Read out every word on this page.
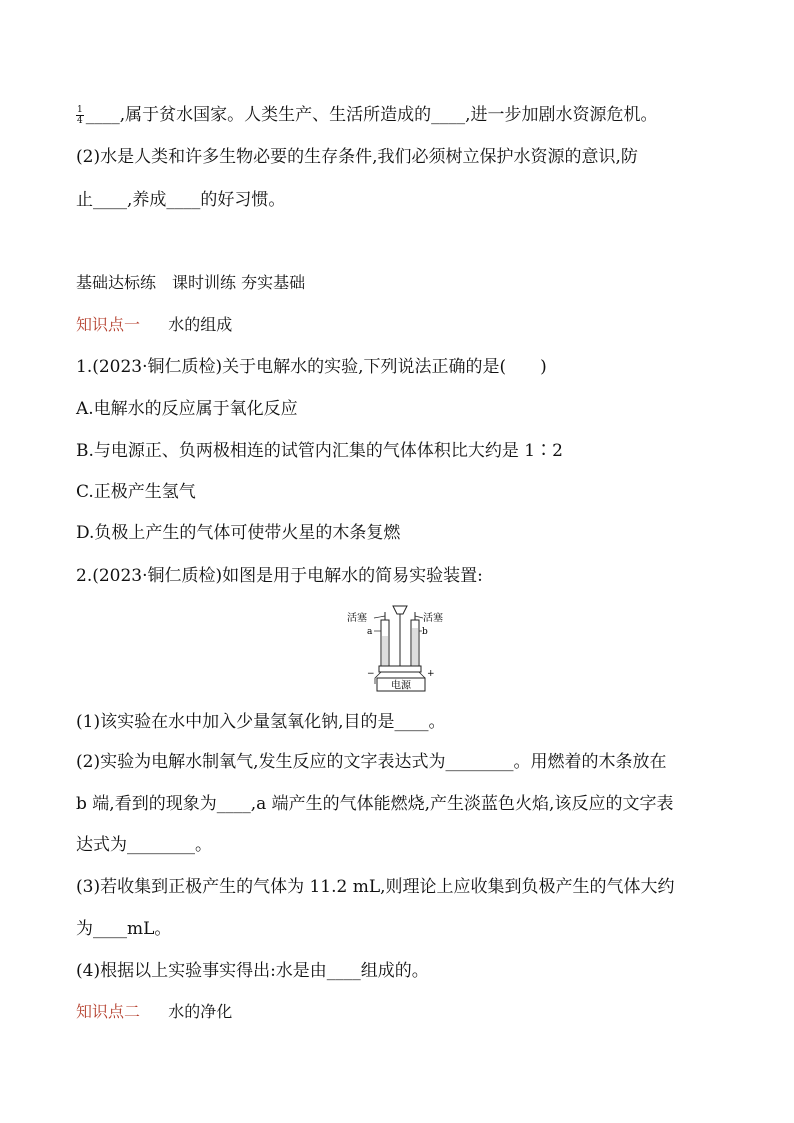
$\frac{1}{4}$ ____,属于贫水国家。人类生产、生活所造成的____,进一步加剧水资源危机。
(2)水是人类和许多生物必要的生存条件,我们必须树立保护水资源的意识,防
止____,养成____的好习惯。
基础达标练　课时训练 夯实基础
知识点一 水的组成
1.(2023·铜仁质检)关于电解水的实验,下列说法正确的是(　　)
A.电解水的反应属于氧化反应
B.与电源正、负两极相连的试管内汇集的气体体积比大约是 1∶2
C.正极产生氢气
D.负极上产生的气体可使带火星的木条复燃
2.(2023·铜仁质检)如图是用于电解水的简易实验装置:
活塞	活塞
a	b
−	+
电源
(1)该实验在水中加入少量氢氧化钠,目的是____。
(2)实验为电解水制氧气,发生反应的文字表达式为________。用燃着的木条放在
b 端,看到的现象为____,a 端产生的气体能燃烧,产生淡蓝色火焰,该反应的文字表
达式为________。
(3)若收集到正极产生的气体为 11.2 mL,则理论上应收集到负极产生的气体大约
为____mL。
(4)根据以上实验事实得出:水是由____组成的。
知识点二 水的净化
